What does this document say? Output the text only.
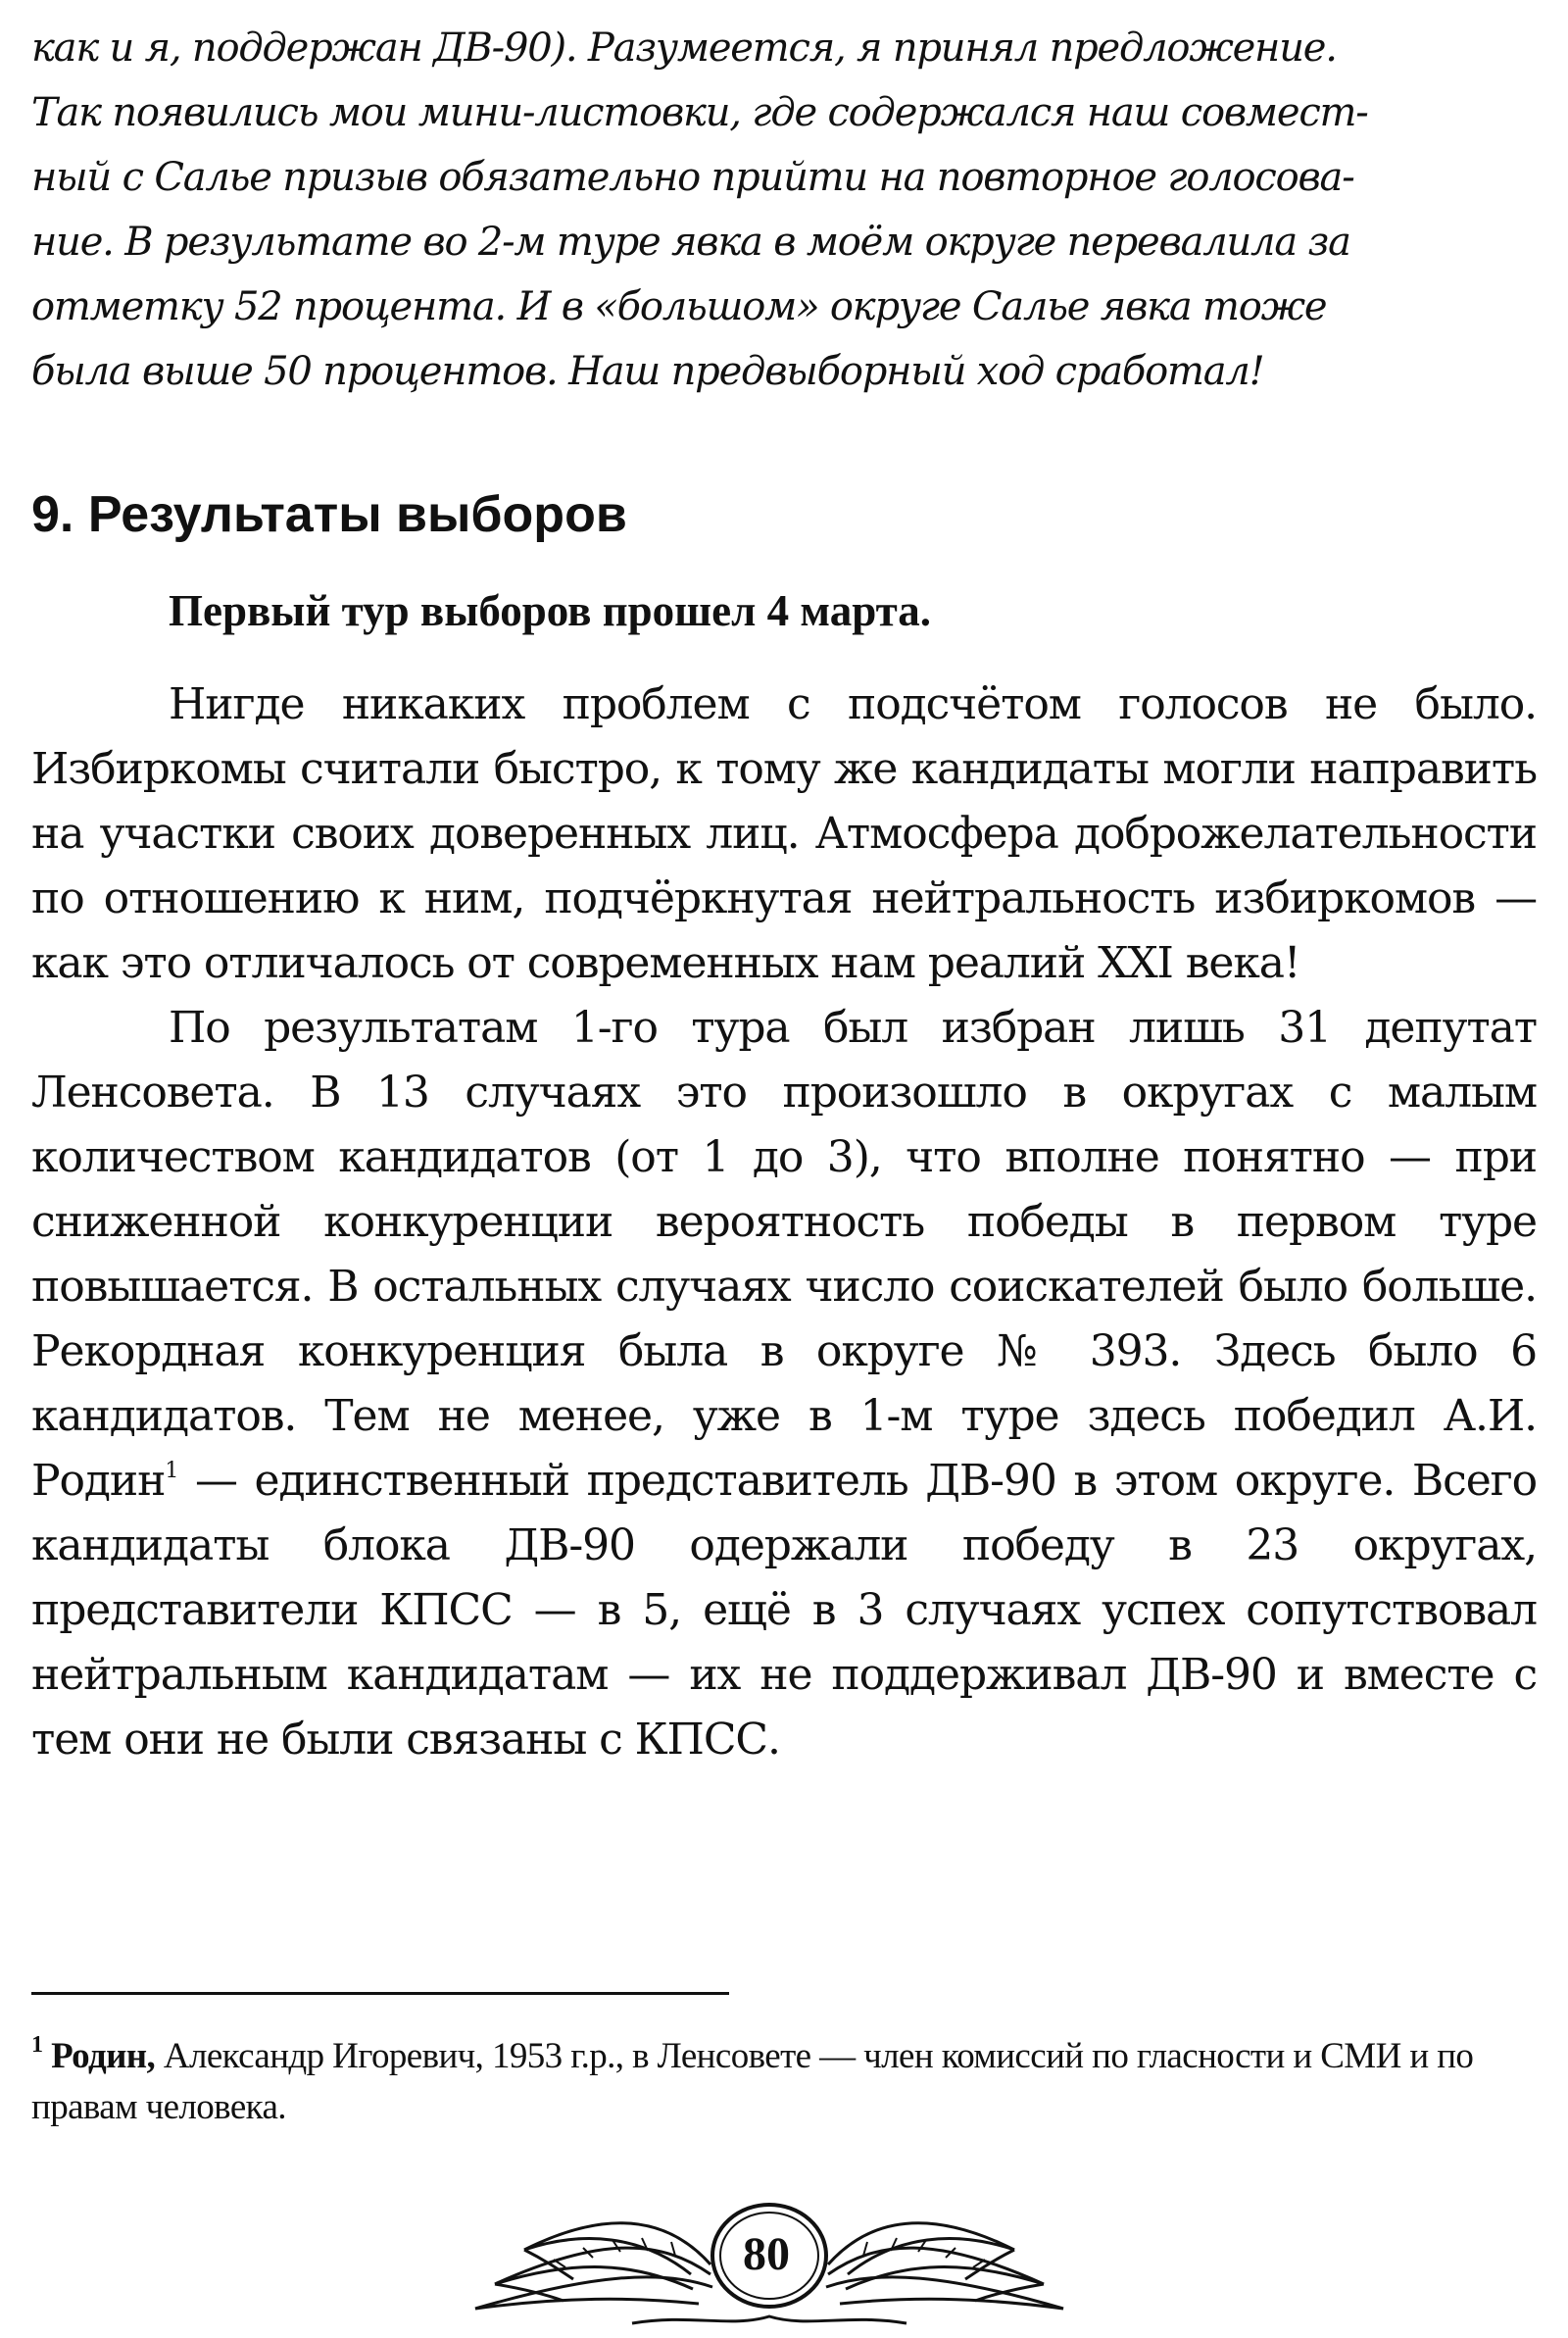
как и я, поддержан ДВ-90). Разумеется, я принял предложение.
Так появились мои мини-листовки, где содержался наш совмест-
ный с Салье призыв обязательно прийти на повторное голосова-
ние. В результате во 2-м туре явка в моём округе перевалила за
отметку 52 процента. И в «большом» округе Салье явка тоже
была выше 50 процентов. Наш предвыборный ход сработал!
9. Результаты выборов
Первый тур выборов прошел 4 марта.

Нигде никаких проблем с подсчётом голосов не было. Избиркомы считали быстро, к тому же кандидаты могли направить на участки своих доверенных лиц. Атмосфера доброжелательности по отношению к ним, подчёркнутая нейтральность избиркомов — как это отличалось от современных нам реалий XXI века!

По результатам 1-го тура был избран лишь 31 депутат Ленсовета. В 13 случаях это произошло в округах с малым количеством кандидатов (от 1 до 3), что вполне понятно — при сниженной конкуренции вероятность победы в первом туре повышается. В остальных случаях число соискателей было больше. Рекордная конкуренция была в округе № 393. Здесь было 6 кандидатов. Тем не менее, уже в 1-м туре здесь победил А.И. Родин$^1$ — единственный представитель ДВ-90 в этом округе. Всего кандидаты блока ДВ-90 одержали победу в 23 округах, представители КПСС — в 5, ещё в 3 случаях успех сопутствовал нейтральным кандидатам — их не поддерживал ДВ-90 и вместе с тем они не были связаны с КПСС.

$^1$ Родин, Александр Игоревич, 1953 г.р., в Ленсовете — член комиссий по гласности и СМИ и по правам человека.

80
